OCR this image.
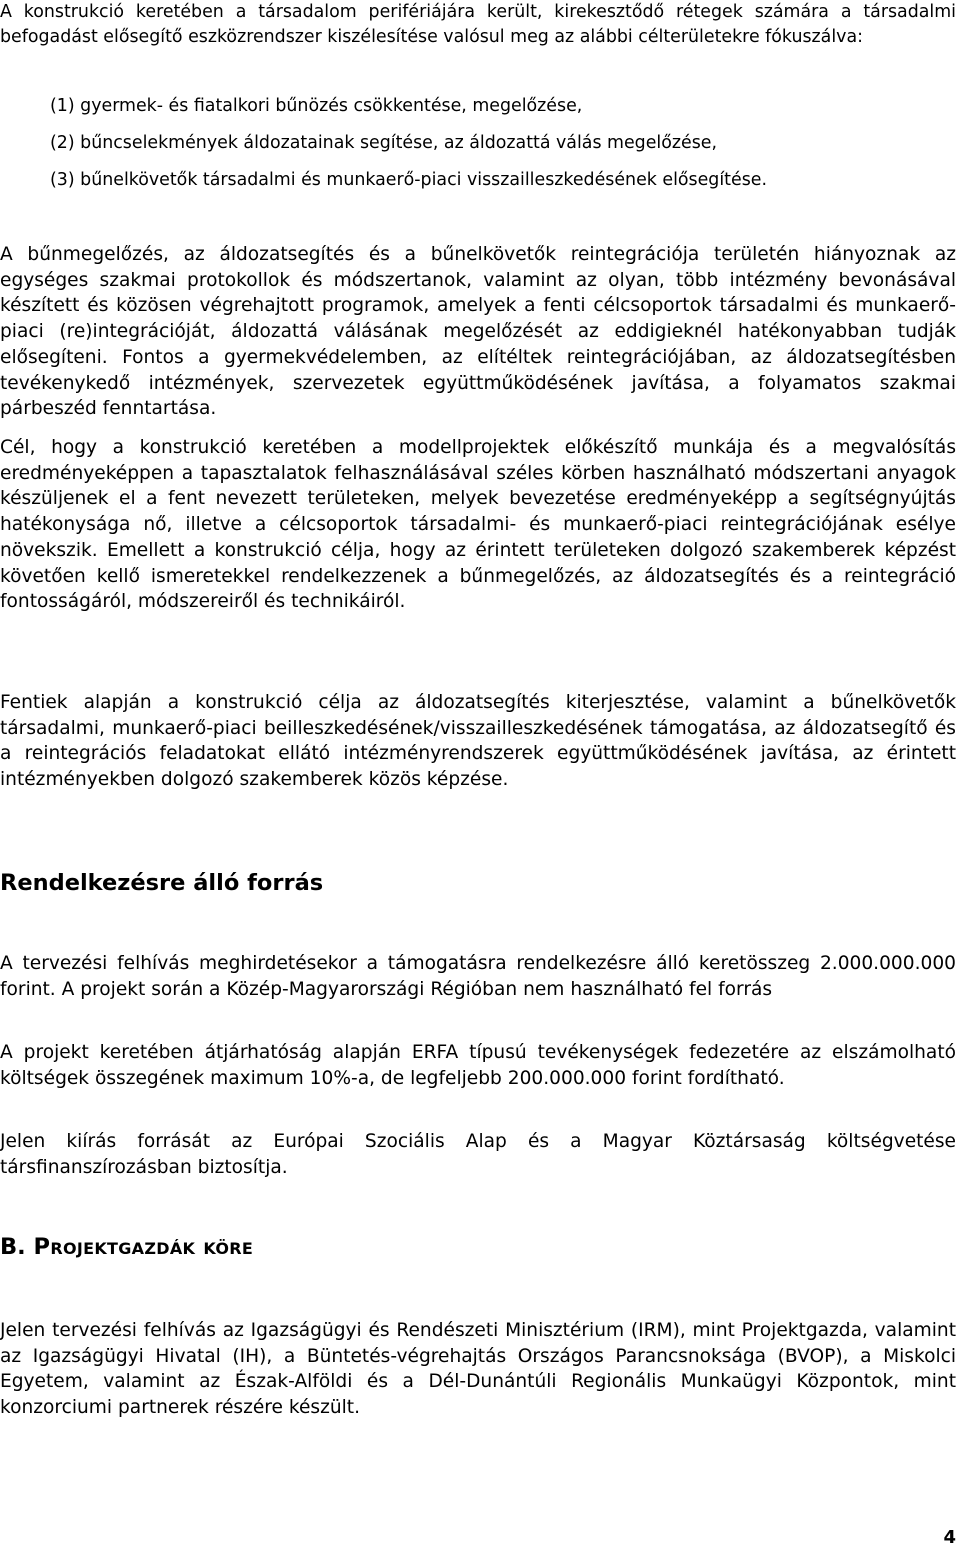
A konstrukció keretében a társadalom perifériájára került, kirekesztődő rétegek számára a társadalmi befogadást elősegítő eszközrendszer kiszélesítése valósul meg az alábbi célterületekre fókuszálva:

(1) gyermek- és fiatalkori bűnözés csökkentése, megelőzése,
(2) bűncselekmények áldozatainak segítése, az áldozattá válás megelőzése,
(3) bűnelkövetők társadalmi és munkaerő-piaci visszailleszkedésének elősegítése.

A bűnmegelőzés, az áldozatsegítés és a bűnelkövetők reintegrációja területén hiányoznak az egységes szakmai protokollok és módszertanok, valamint az olyan, több intézmény bevonásával készített és közösen végrehajtott programok, amelyek a fenti célcsoportok társadalmi és munkaerő-piaci (re)integrációját, áldozattá válásának megelőzését az eddigieknél hatékonyabban tudják elősegíteni. Fontos a gyermekvédelemben, az elítéltek reintegrációjában, az áldozatsegítésben tevékenykedő intézmények, szervezetek együttműködésének javítása, a folyamatos szakmai párbeszéd fenntartása.

Cél, hogy a konstrukció keretében a modellprojektek előkészítő munkája és a megvalósítás eredményeképpen a tapasztalatok felhasználásával széles körben használható módszertani anyagok készüljenek el a fent nevezett területeken, melyek bevezetése eredményeképp a segítségnyújtás hatékonysága nő, illetve a célcsoportok társadalmi- és munkaerő-piaci reintegrációjának esélye növekszik. Emellett a konstrukció célja, hogy az érintett területeken dolgozó szakemberek képzést követően kellő ismeretekkel rendelkezzenek a bűnmegelőzés, az áldozatsegítés és a reintegráció fontosságáról, módszereiről és technikáiról.

Fentiek alapján a konstrukció célja az áldozatsegítés kiterjesztése, valamint a bűnelkövetők társadalmi, munkaerő-piaci beilleszkedésének/visszailleszkedésének támogatása, az áldozatsegítő és a reintegrációs feladatokat ellátó intézményrendszerek együttműködésének javítása, az érintett intézményekben dolgozó szakemberek közös képzése.

Rendelkezésre álló forrás

A tervezési felhívás meghirdetésekor a támogatásra rendelkezésre álló keretösszeg 2.000.000.000 forint. A projekt során a Közép-Magyarországi Régióban nem használható fel forrás

A projekt keretében átjárhatóság alapján ERFA típusú tevékenységek fedezetére az elszámolható költségek összegének maximum 10%-a, de legfeljebb 200.000.000 forint fordítható.

Jelen kiírás forrását az Európai Szociális Alap és a Magyar Köztársaság költségvetése társfinanszírozásban biztosítja.

B. Projektgazdák köre

Jelen tervezési felhívás az Igazságügyi és Rendészeti Minisztérium (IRM), mint Projektgazda, valamint az Igazságügyi Hivatal (IH), a Büntetés-végrehajtás Országos Parancsnoksága (BVOP), a Miskolci Egyetem, valamint az Észak-Alföldi és a Dél-Dunántúli Regionális Munkaügyi Központok, mint konzorciumi partnerek részére készült.

4
